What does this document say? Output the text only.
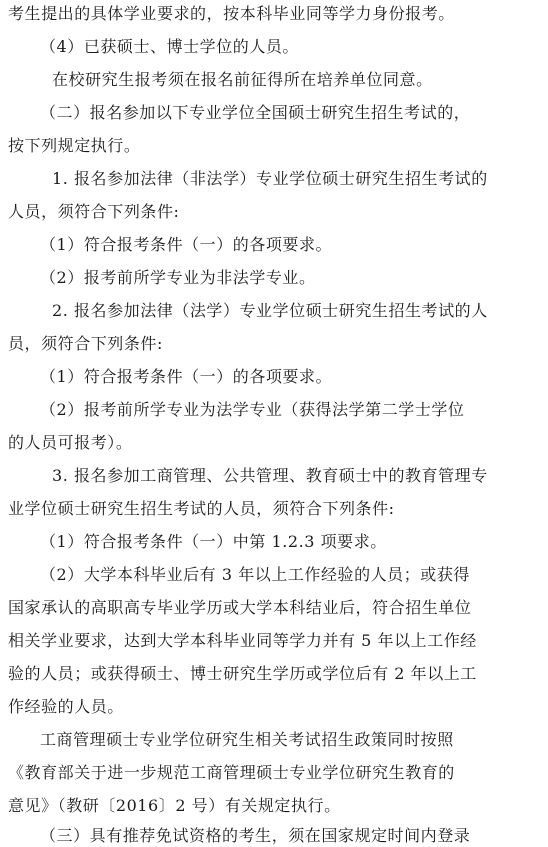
考生提出的具体学业要求的，按本科毕业同等学力身份报考。
（4）已获硕士、博士学位的人员。
在校研究生报考须在报名前征得所在培养单位同意。
（二）报名参加以下专业学位全国硕士研究生招生考试的，
按下列规定执行。
1. 报名参加法律（非法学）专业学位硕士研究生招生考试的
人员，须符合下列条件:
（1）符合报考条件（一）的各项要求。
（2）报考前所学专业为非法学专业。
2. 报名参加法律（法学）专业学位硕士研究生招生考试的人
员，须符合下列条件:
（1）符合报考条件（一）的各项要求。
（2）报考前所学专业为法学专业（获得法学第二学士学位
的人员可报考）。
3. 报名参加工商管理、公共管理、教育硕士中的教育管理专
业学位硕士研究生招生考试的人员，须符合下列条件:
（1）符合报考条件（一）中第 1.2.3 项要求。
（2）大学本科毕业后有 3 年以上工作经验的人员；或获得
国家承认的高职高专毕业学历或大学本科结业后，符合招生单位
相关学业要求，达到大学本科毕业同等学力并有 5 年以上工作经
验的人员；或获得硕士、博士研究生学历或学位后有 2 年以上工
作经验的人员。
工商管理硕士专业学位研究生相关考试招生政策同时按照
《教育部关于进一步规范工商管理硕士专业学位研究生教育的
意见》（教研〔2016〕2 号）有关规定执行。
（三）具有推荐免试资格的考生，须在国家规定时间内登录
